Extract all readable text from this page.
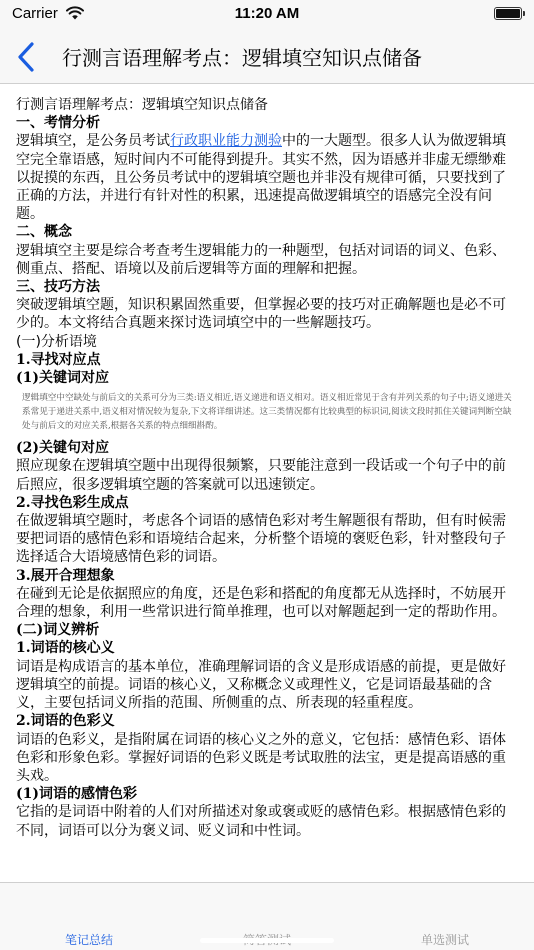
Carrier	11:20 AM
行测言语理解考点：逻辑填空知识点储备
行测言语理解考点：逻辑填空知识点储备
一、考情分析
逻辑填空，是公务员考试行政职业能力测验中的一大题型。很多人认为做逻辑填空完全靠语感，短时间内不可能得到提升。其实不然，因为语感并非虚无缥缈难以捉摸的东西，且公务员考试中的逻辑填空题也并非没有规律可循，只要找到了正确的方法，并进行有针对性的积累，迅速提高做逻辑填空的语感完全没有问题。
二、概念
逻辑填空主要是综合考查考生逻辑能力的一种题型，包括对词语的词义、色彩、侧重点、搭配、语境以及前后逻辑等方面的理解和把握。
三、技巧方法
突破逻辑填空题，知识积累固然重要，但掌握必要的技巧对正确解题也是必不可少的。本文将结合真题来探讨选词填空中的一些解题技巧。
(一)分析语境
1.寻找对应点
(1)关键词对应
逻辑填空中空缺处与前后文的关系可分为三类:语义相近,语义递进和语义相对。语义相近常见于含有并列关系的句子中;语义递进关系常见于递进关系中,语义相对情况较为复杂,下文将详细讲述。这三类情况都有比较典型的标识词,阅读文段时抓住关键词判断空缺处与前后文的对应关系,根据各关系的特点细细斟酌。
(2)关键句对应
照应现象在逻辑填空题中出现得很频繁，只要能注意到一段话或一个句子中的前后照应，很多逻辑填空题的答案就可以迅速锁定。
2.寻找色彩生成点
在做逻辑填空题时，考虑各个词语的感情色彩对考生解题很有帮助，但有时候需要把词语的感情色彩和语境结合起来，分析整个语境的褒贬色彩，针对整段句子选择适合大语境感情色彩的词语。
3.展开合理想象
在碰到无论是依据照应的角度，还是色彩和搭配的角度都无从选择时，不妨展开合理的想象，利用一些常识进行简单推理，也可以对解题起到一定的帮助作用。
(二)词义辨析
1.词语的核心义
词语是构成语言的基本单位，准确理解词语的含义是形成语感的前提，更是做好逻辑填空的前提。词语的核心义，又称概念义或理性义，它是词语最基础的含义，主要包括词义所指的范围、所侧重的点、所表现的轻重程度。
2.词语的色彩义
词语的色彩义，是指附属在词语的核心义之外的意义，它包括：感情色彩、语体色彩和形象色彩。掌握好词语的色彩义既是考试取胜的法宝，更是提高语感的重头戏。
(1)词语的感情色彩
它指的是词语中附着的人们对所描述对象或褒或贬的感情色彩。根据感情色彩的不同，词语可以分为褒义词、贬义词和中性词。
笔记总结	单选测试
